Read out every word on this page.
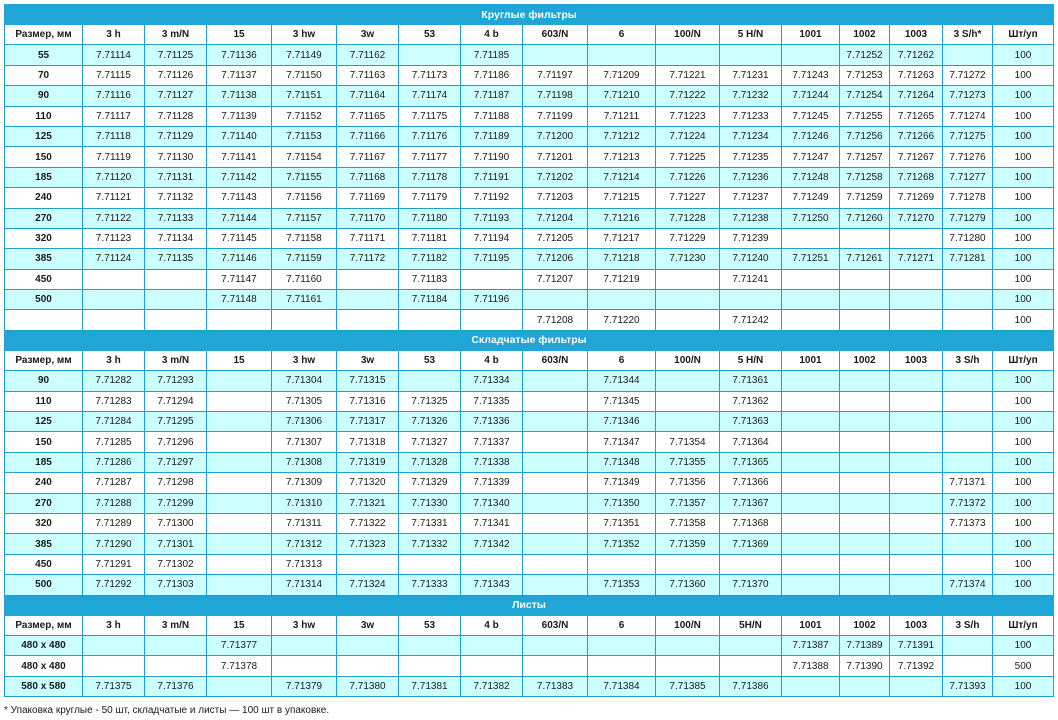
Круглые фильтры																
Размер, мм	3 h	3 m/N	15	3 hw	3w	53	4 b	603/N	6	100/N	5 H/N	1001	1002	1003	3 S/h*	Шт/уп
55	7.71114	7.71125	7.71136	7.71149	7.71162		7.71185						7.71252	7.71262		100
70	7.71115	7.71126	7.71137	7.71150	7.71163	7.71173	7.71186	7.71197	7.71209	7.71221	7.71231	7.71243	7.71253	7.71263	7.71272	100
90	7.71116	7.71127	7.71138	7.71151	7.71164	7.71174	7.71187	7.71198	7.71210	7.71222	7.71232	7.71244	7.71254	7.71264	7.71273	100
110	7.71117	7.71128	7.71139	7.71152	7.71165	7.71175	7.71188	7.71199	7.71211	7.71223	7.71233	7.71245	7.71255	7.71265	7.71274	100
125	7.71118	7.71129	7.71140	7.71153	7.71166	7.71176	7.71189	7.71200	7.71212	7.71224	7.71234	7.71246	7.71256	7.71266	7.71275	100
150	7.71119	7.71130	7.71141	7.71154	7.71167	7.71177	7.71190	7.71201	7.71213	7.71225	7.71235	7.71247	7.71257	7.71267	7.71276	100
185	7.71120	7.71131	7.71142	7.71155	7.71168	7.71178	7.71191	7.71202	7.71214	7.71226	7.71236	7.71248	7.71258	7.71268	7.71277	100
240	7.71121	7.71132	7.71143	7.71156	7.71169	7.71179	7.71192	7.71203	7.71215	7.71227	7.71237	7.71249	7.71259	7.71269	7.71278	100
270	7.71122	7.71133	7.71144	7.71157	7.71170	7.71180	7.71193	7.71204	7.71216	7.71228	7.71238	7.71250	7.71260	7.71270	7.71279	100
320	7.71123	7.71134	7.71145	7.71158	7.71171	7.71181	7.71194	7.71205	7.71217	7.71229	7.71239				7.71280	100
385	7.71124	7.71135	7.71146	7.71159	7.71172	7.71182	7.71195	7.71206	7.71218	7.71230	7.71240	7.71251	7.71261	7.71271	7.71281	100
450			7.71147	7.71160		7.71183		7.71207	7.71219		7.71241					100
500			7.71148	7.71161		7.71184	7.71196									100
								7.71208	7.71220		7.71242					100
Складчатые фильтры																
Размер, мм	3 h	3 m/N	15	3 hw	3w	53	4 b	603/N	6	100/N	5 H/N	1001	1002	1003	3 S/h	Шт/уп
90	7.71282	7.71293		7.71304	7.71315		7.71334		7.71344		7.71361					100
110	7.71283	7.71294		7.71305	7.71316	7.71325	7.71335		7.71345		7.71362					100
125	7.71284	7.71295		7.71306	7.71317	7.71326	7.71336		7.71346		7.71363					100
150	7.71285	7.71296		7.71307	7.71318	7.71327	7.71337		7.71347	7.71354	7.71364					100
185	7.71286	7.71297		7.71308	7.71319	7.71328	7.71338		7.71348	7.71355	7.71365					100
240	7.71287	7.71298		7.71309	7.71320	7.71329	7.71339		7.71349	7.71356	7.71366				7.71371	100
270	7.71288	7.71299		7.71310	7.71321	7.71330	7.71340		7.71350	7.71357	7.71367				7.71372	100
320	7.71289	7.71300		7.71311	7.71322	7.71331	7.71341		7.71351	7.71358	7.71368				7.71373	100
385	7.71290	7.71301		7.71312	7.71323	7.71332	7.71342		7.71352	7.71359	7.71369					100
450	7.71291	7.71302		7.71313												100
500	7.71292	7.71303		7.71314	7.71324	7.71333	7.71343		7.71353	7.71360	7.71370				7.71374	100
Листы																
Размер, мм	3 h	3 m/N	15	3 hw	3w	53	4 b	603/N	6	100/N	5H/N	1001	1002	1003	3 S/h	Шт/уп
480 x 480			7.71377									7.71387	7.71389	7.71391		100
480 x 480			7.71378									7.71388	7.71390	7.71392		500
580 x 580	7.71375	7.71376		7.71379	7.71380	7.71381	7.71382	7.71383	7.71384	7.71385	7.71386				7.71393	100
* Упаковка круглые - 50 шт, складчатые и листы — 100 шт в упаковке.
